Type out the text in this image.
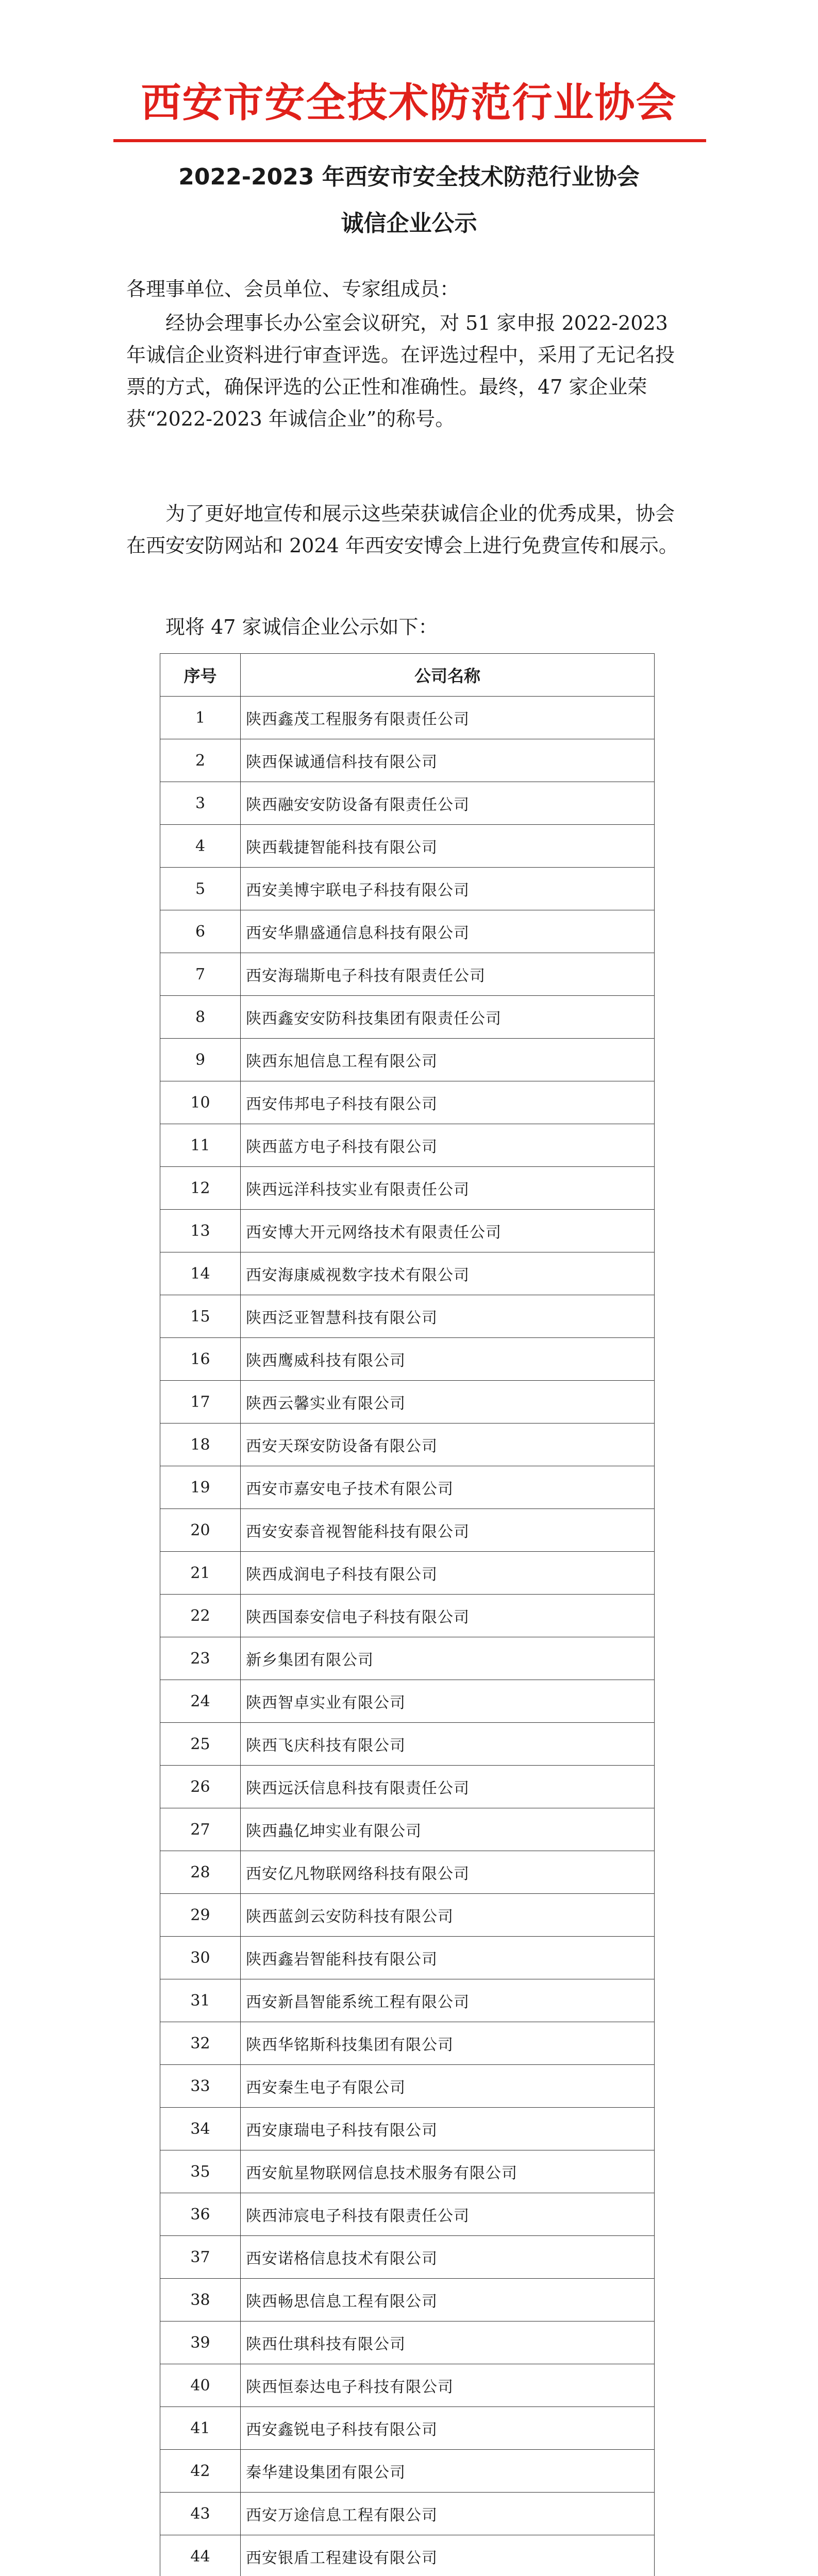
西安市安全技术防范行业协会
2022-2023 年西安市安全技术防范行业协会
诚信企业公示
各理事单位、会员单位、专家组成员：
经协会理事长办公室会议研究，对 51 家申报 2022-2023 年诚信企业资料进行审查评选。在评选过程中，采用了无记名投票的方式，确保评选的公正性和准确性。最终，47 家企业荣获“2022-2023 年诚信企业”的称号。
为了更好地宣传和展示这些荣获诚信企业的优秀成果，协会在西安安防网站和 2024 年西安安博会上进行免费宣传和展示。
现将 47 家诚信企业公示如下：
序号	公司名称
1	陕西鑫茂工程服务有限责任公司
2	陕西保诚通信科技有限公司
3	陕西融安安防设备有限责任公司
4	陕西载捷智能科技有限公司
5	西安美博宇联电子科技有限公司
6	西安华鼎盛通信息科技有限公司
7	西安海瑞斯电子科技有限责任公司
8	陕西鑫安安防科技集团有限责任公司
9	陕西东旭信息工程有限公司
10	西安伟邦电子科技有限公司
11	陕西蓝方电子科技有限公司
12	陕西远洋科技实业有限责任公司
13	西安博大开元网络技术有限责任公司
14	西安海康威视数字技术有限公司
15	陕西泛亚智慧科技有限公司
16	陕西鹰威科技有限公司
17	陕西云馨实业有限公司
18	西安天琛安防设备有限公司
19	西安市嘉安电子技术有限公司
20	西安安泰音视智能科技有限公司
21	陕西成润电子科技有限公司
22	陕西国泰安信电子科技有限公司
23	新乡集团有限公司
24	陕西智卓实业有限公司
25	陕西飞庆科技有限公司
26	陕西远沃信息科技有限责任公司
27	陕西蟲亿坤实业有限公司
28	西安亿凡物联网络科技有限公司
29	陕西蓝剑云安防科技有限公司
30	陕西鑫岩智能科技有限公司
31	西安新昌智能系统工程有限公司
32	陕西华铭斯科技集团有限公司
33	西安秦生电子有限公司
34	西安康瑞电子科技有限公司
35	西安航星物联网信息技术服务有限公司
36	陕西沛宸电子科技有限责任公司
37	西安诺格信息技术有限公司
38	陕西畅思信息工程有限公司
39	陕西仕琪科技有限公司
40	陕西恒泰达电子科技有限公司
41	西安鑫锐电子科技有限公司
42	秦华建设集团有限公司
43	西安万途信息工程有限公司
44	西安银盾工程建设有限公司
